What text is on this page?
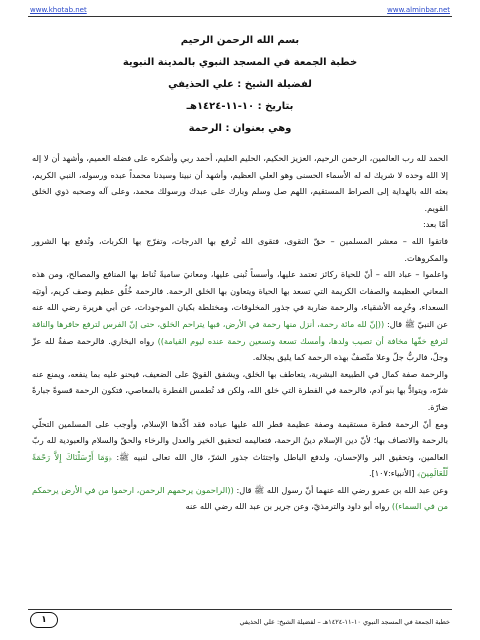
www.khotab.net	www.alminbar.net
بسم الله الرحمن الرحيم
خطبة الجمعة في المسجد النبوي بالمدينة النبوية
لفضيلة الشيخ : علي الحذيفي
بتاريخ : ١٠-١١-١٤٢٤هـ
وهي بعنوان : الرحمة

الحمد لله رب العالمين، الرحمن الرحيم، العزيز الحكيم، الحليم العليم، أحمد ربي وأشكره على فضله العميم، وأشهد أن لا إله إلا الله وحده لا شريك له له الأسماء الحسنى وهو العلي العظيم، وأشهد أن نبينا وسيدنا محمداً عبده ورسوله، النبي الكريم، بعثه الله بالهداية إلى الصراط المستقيم، اللهم صل وسلم وبارك على عبدك ورسولك محمد، وعلى آله وصحبه ذوي الخلق القويم.

أمّا بعد:

فاتقوا الله – معشر المسلمين – حقّ التقوى، فتقوى الله تُرفع بها الدرجات، وتفرّج بها الكربات، وتُدفع بها الشرور والمكروهات.

واعلموا – عباد الله – أنّ للحياة ركائز تعتمد عليها، وأسساً تُبنى عليها، ومعانيَ ساميةً تُناط بها المنافع والمصالح، ومن هذه المعاني العظيمة والصفات الكريمة التي تسعد بها الحياة ويتعاون بها الخلق الرحمة. فالرحمة خُلُق عظيم وصف كريم، أوتيَه السعداء، وحُرِمه الأشقياء، والرحمة ضاربة في جذور المخلوقات، ومختلطة بكيان الموجودات، عن أبي هريرة رضي الله عنه عن النبيّ ﷺ قال: ((إنّ لله مائة رحمة، أنزل منها رحمة في الأرض، فبها يتراحم الخلق، حتى إنّ الفرس لترفع حافرها والناقة لترفع خفّها مخافة أن تصيب ولدها، وأمسك تسعة وتسعين رحمة عنده ليوم القيامة)) رواه البخاري. فالرحمة صفةٌ لله عزّ وجلّ، فالربُّ جلّ وعلا متّصفٌ بهذه الرحمة كما يليق بجلاله.

والرحمة صفة كمال في الطبيعة البشرية، يتعاطف بها الخلق، ويشفق القويّ على الضعيف، فيحنو عليه بما ينفعه، ويمنع عنه شرّه، ويتوادُّ بها بنو آدم، فالرحمة في الفطرة التي خلق الله، ولكن قد تُطمس الفطرة بالمعاصي، فتكون الرحمة قسوةً جبارةً ضارّة.

ومع أنّ الرحمة فطرة مستقيمة وصفة عظيمة فطر الله عليها عباده فقد أكّدها الإسلام، وأوجب على المسلمين التحلّي بالرحمة والاتصاف بها؛ لأنّ دين الإسلام دينُ الرحمة، فتعاليمه لتحقيق الخير والعدل والرخاء والحقّ والسلام والعبودية لله ربّ العالمين، وتحقيق البر والإحسان، ولدفع الباطل واجتثاث جذور الشرّ، قال الله تعالى لنبيه ﷺ: ﴿وَمَا أَرْسَلْنَاكَ إِلاَّ رَحْمَةً لّلْعَالَمِينَ﴾ [الأنبياء:١٠٧].

وعن عبد الله بن عمرو رضي الله عنهما أنّ رسول الله ﷺ قال: ((الراحمون يرحمهم الرحمن، ارحموا من في الأرض يرحمكم من في السماء)) رواه أبو داود والترمذيّ، وعن جرير بن عبد الله رضي الله عنه

خطبة الجمعة في المسجد النبوي ١٠-١١-١٤٢٤هـ – لفضيلة الشيخ: علي الحذيفي
١
